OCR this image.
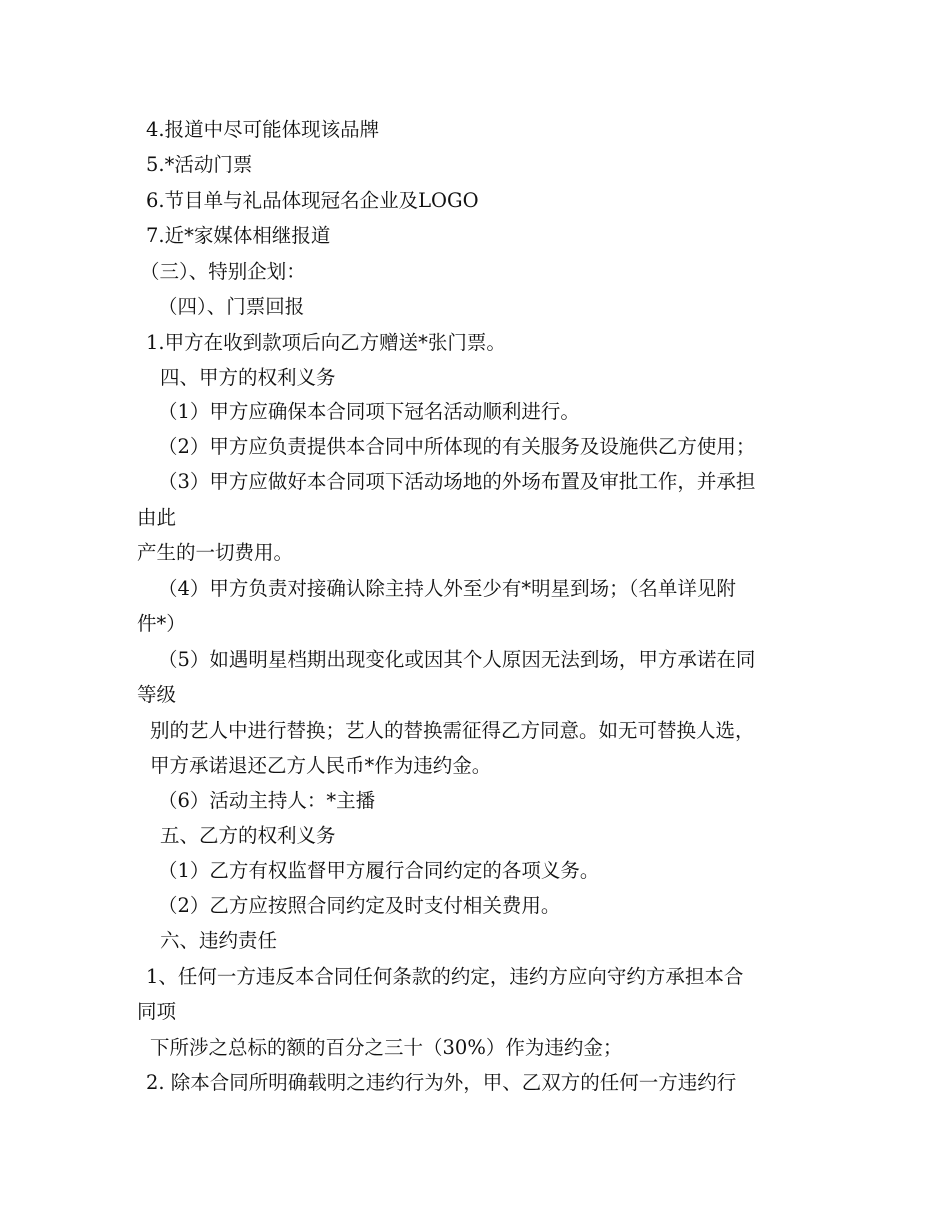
4.报道中尽可能体现该品牌
5.*活动门票
6.节目单与礼品体现冠名企业及LOGO
7.近*家媒体相继报道
（三）、特别企划：
（四）、门票回报
1.甲方在收到款项后向乙方赠送*张门票。
四、甲方的权利义务
（1）甲方应确保本合同项下冠名活动顺利进行。
（2）甲方应负责提供本合同中所体现的有关服务及设施供乙方使用；
（3）甲方应做好本合同项下活动场地的外场布置及审批工作，并承担
由此
产生的一切费用。
（4）甲方负责对接确认除主持人外至少有*明星到场；（名单详见附
件*）
（5）如遇明星档期出现变化或因其个人原因无法到场，甲方承诺在同
等级
别的艺人中进行替换；艺人的替换需征得乙方同意。如无可替换人选，
甲方承诺退还乙方人民币*作为违约金。
（6）活动主持人：*主播
五、乙方的权利义务
（1）乙方有权监督甲方履行合同约定的各项义务。
（2）乙方应按照合同约定及时支付相关费用。
六、违约责任
1、任何一方违反本合同任何条款的约定，违约方应向守约方承担本合
同项
下所涉之总标的额的百分之三十（30%）作为违约金；
2. 除本合同所明确载明之违约行为外，甲、乙双方的任何一方违约行
